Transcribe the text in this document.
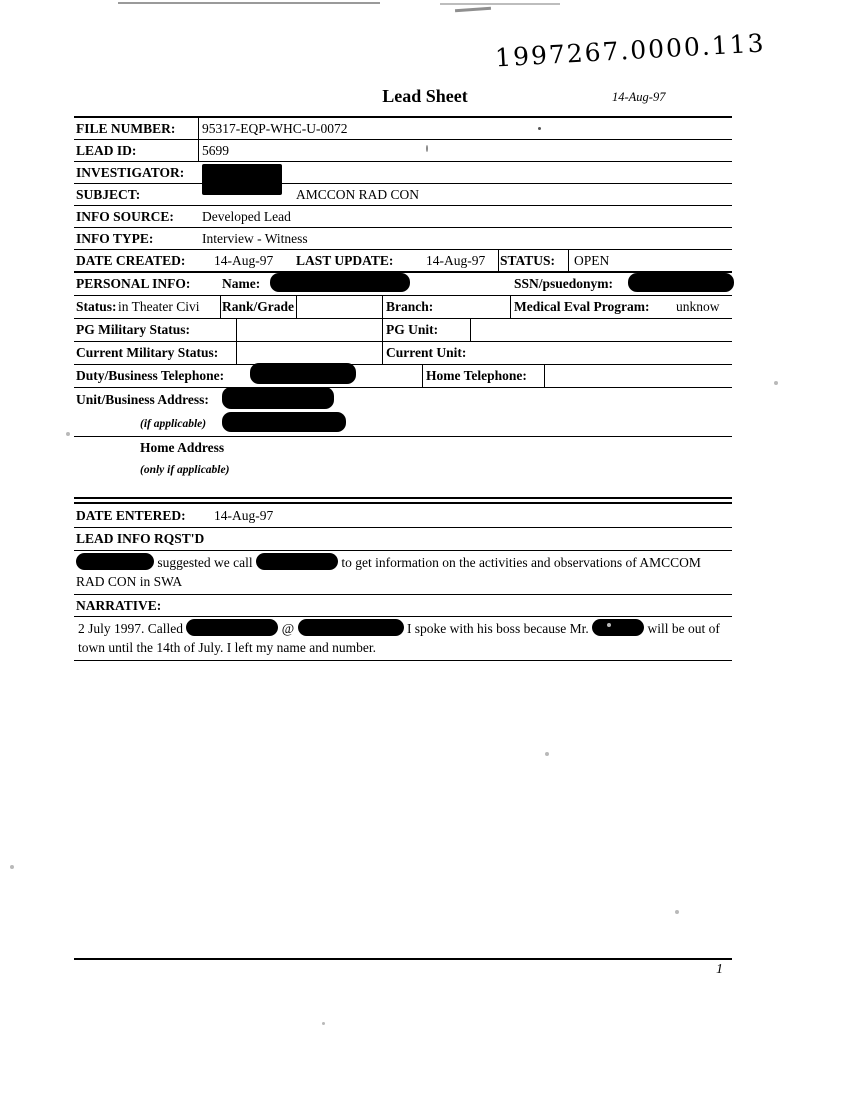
1997267.0000.113
Lead Sheet	14-Aug-97
FILE NUMBER: 95317-EQP-WHC-U-0072
LEAD ID:	5699
INVESTIGATOR:
SUBJECT:	AMCCON RAD CON
INFO SOURCE: Developed Lead
INFO TYPE:	Interview - Witness
DATE CREATED: 14-Aug-97 LAST UPDATE: 14-Aug-97 STATUS: OPEN
PERSONAL INFO: Name:	SSN/psuedonym:
Status: in Theater Civi Rank/Grade	Branch:	Medical Eval Program: unknow
PG Military Status:	PG Unit:
Current Military Status:	Current Unit:
Duty/Business Telephone:	Home Telephone:
Unit/Business Address:
(if applicable)
Home Address
(only if applicable)
DATE ENTERED: 14-Aug-97
LEAD INFO RQST'D
suggested we call	to get information on the activities and observations of AMCCOM
RAD CON in SWA
NARRATIVE:
2 July 1997. Called	@	I spoke with his boss because Mr.	will be out of
town until the 14th of July. I left my name and number.
1
